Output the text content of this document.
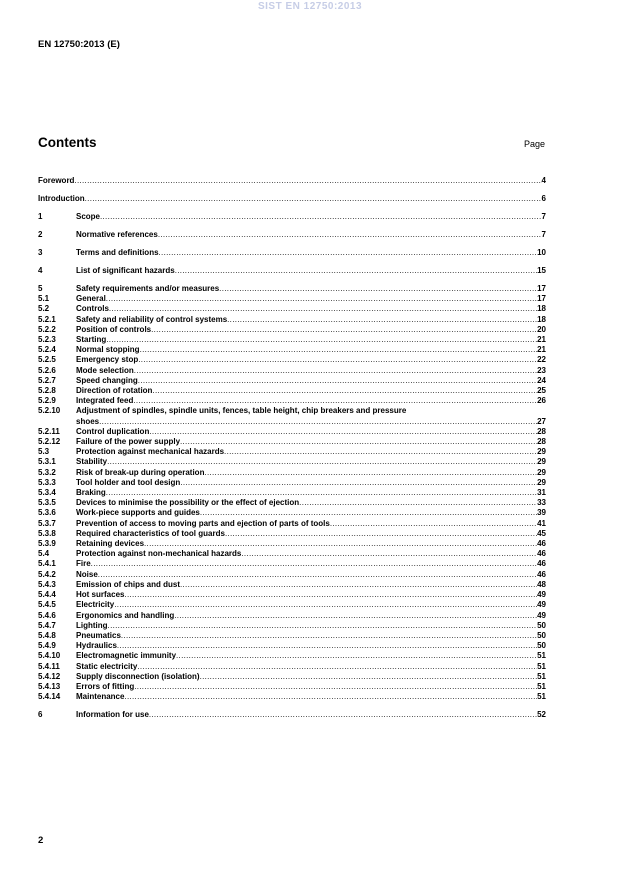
SIST EN 12750:2013
EN 12750:2013 (E)
Contents	Page
Foreword .....	4
Introduction .....	6
1	Scope .....	7
2	Normative references .....	7
3	Terms and definitions .....	10
4	List of significant hazards .....	15
5	Safety requirements and/or measures .....	17
5.1	General .....	17
5.2	Controls .....	18
5.2.1	Safety and reliability of control systems .....	18
5.2.2	Position of controls .....	20
5.2.3	Starting .....	21
5.2.4	Normal stopping .....	21
5.2.5	Emergency stop .....	22
5.2.6	Mode selection .....	23
5.2.7	Speed changing .....	24
5.2.8	Direction of rotation .....	25
5.2.9	Integrated feed .....	26
5.2.10	Adjustment of spindles, spindle units, fences, table height, chip breakers and pressure
shoes .....	27
5.2.11	Control duplication .....	28
5.2.12	Failure of the power supply .....	28
5.3	Protection against mechanical hazards .....	29
5.3.1	Stability .....	29
5.3.2	Risk of break-up during operation .....	29
5.3.3	Tool holder and tool design .....	29
5.3.4	Braking .....	31
5.3.5	Devices to minimise the possibility or the effect of ejection .....	33
5.3.6	Work-piece supports and guides .....	39
5.3.7	Prevention of access to moving parts and ejection of parts of tools .....	41
5.3.8	Required characteristics of tool guards .....	45
5.3.9	Retaining devices .....	46
5.4	Protection against non-mechanical hazards .....	46
5.4.1	Fire .....	46
5.4.2	Noise .....	46
5.4.3	Emission of chips and dust .....	48
5.4.4	Hot surfaces .....	49
5.4.5	Electricity .....	49
5.4.6	Ergonomics and handling .....	49
5.4.7	Lighting .....	50
5.4.8	Pneumatics .....	50
5.4.9	Hydraulics .....	50
5.4.10	Electromagnetic immunity .....	51
5.4.11	Static electricity .....	51
5.4.12	Supply disconnection (isolation) .....	51
5.4.13	Errors of fitting .....	51
5.4.14	Maintenance .....	51
6	Information for use .....	52
2
